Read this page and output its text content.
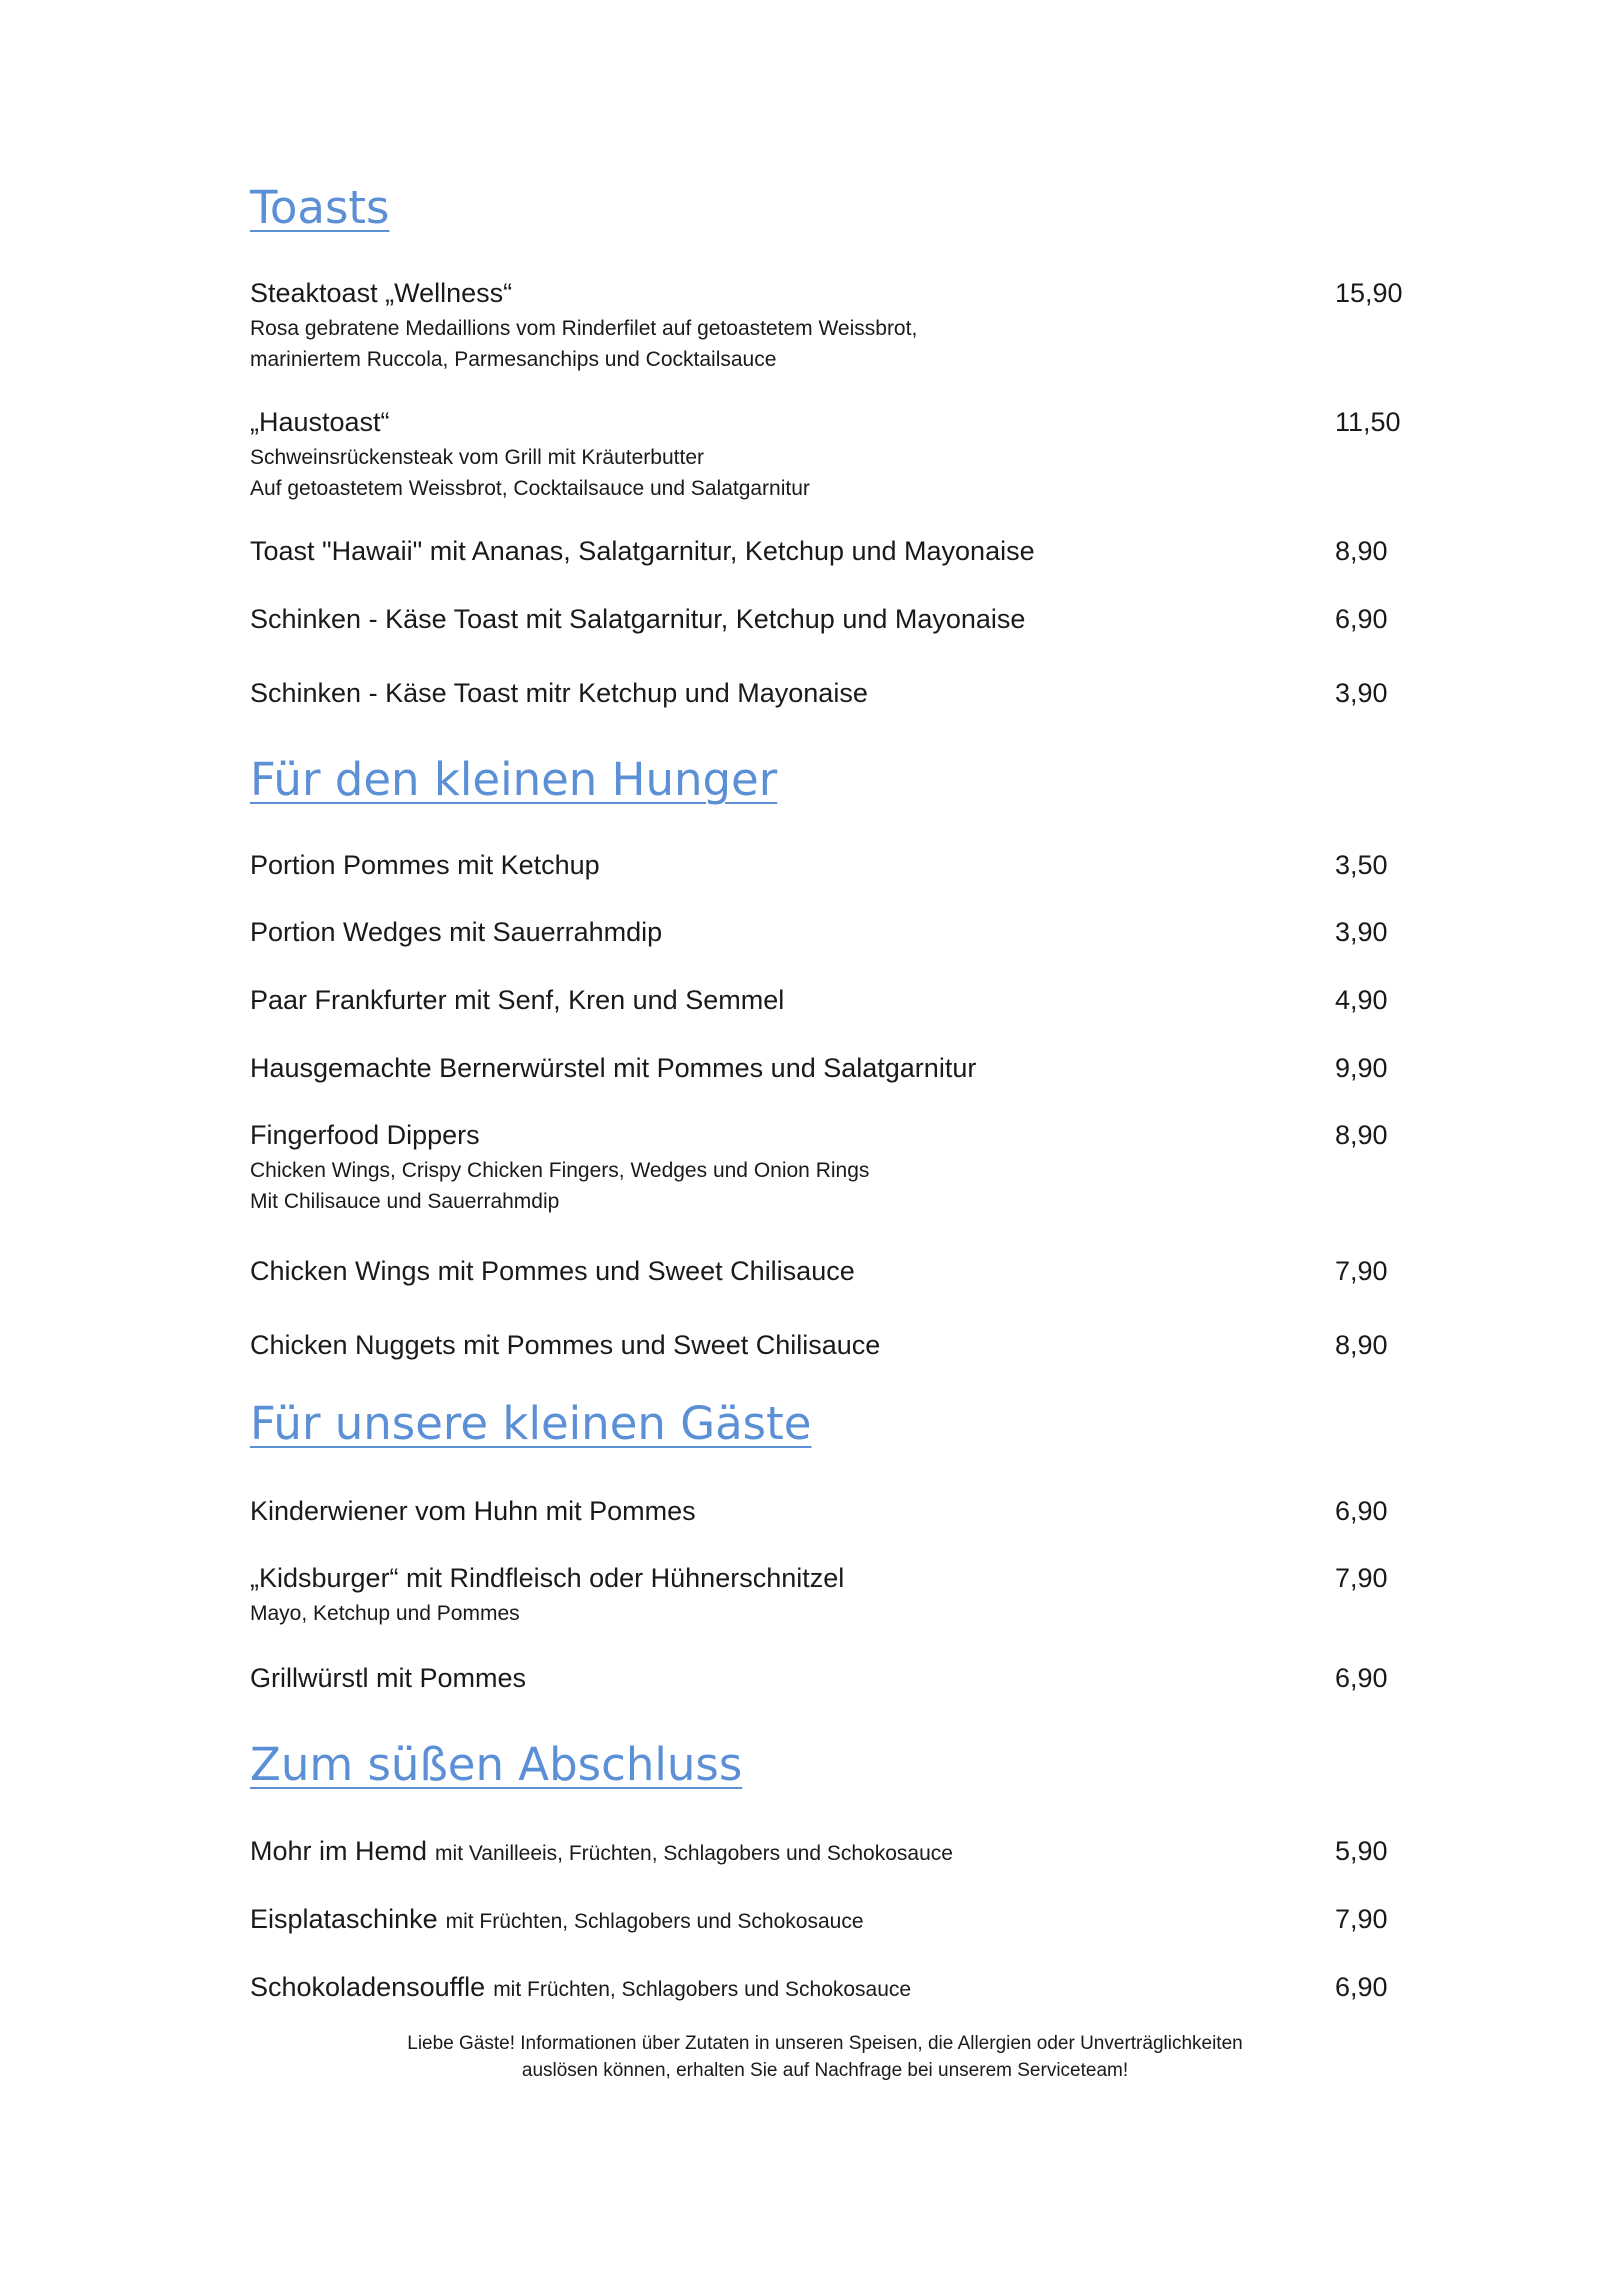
Toasts
Steaktoast „Wellness“	15,90
Rosa gebratene Medaillions vom Rinderfilet auf getoastetem Weissbrot,
mariniertem Ruccola, Parmesanchips und Cocktailsauce
„Haustoast“	11,50
Schweinsrückensteak vom Grill mit Kräuterbutter
Auf getoastetem Weissbrot, Cocktailsauce und Salatgarnitur
Toast "Hawaii" mit Ananas, Salatgarnitur, Ketchup und Mayonaise	8,90
Schinken - Käse Toast mit Salatgarnitur, Ketchup und Mayonaise	6,90
Schinken - Käse Toast mitr Ketchup und Mayonaise	3,90
Für den kleinen Hunger
Portion Pommes mit Ketchup	3,50
Portion Wedges mit Sauerrahmdip	3,90
Paar Frankfurter mit Senf, Kren und Semmel	4,90
Hausgemachte Bernerwürstel mit Pommes und Salatgarnitur	9,90
Fingerfood Dippers	8,90
Chicken Wings, Crispy Chicken Fingers, Wedges und Onion Rings
Mit Chilisauce und Sauerrahmdip
Chicken Wings mit Pommes und Sweet Chilisauce	7,90
Chicken Nuggets mit Pommes und Sweet Chilisauce	8,90
Für unsere kleinen Gäste
Kinderwiener vom Huhn mit Pommes	6,90
„Kidsburger“ mit Rindfleisch oder Hühnerschnitzel	7,90
Mayo, Ketchup und Pommes
Grillwürstl mit Pommes	6,90
Zum süßen Abschluss
Mohr im Hemd mit Vanilleeis, Früchten, Schlagobers und Schokosauce	5,90
Eisplataschinke mit Früchten, Schlagobers und Schokosauce	7,90
Schokoladensouffle mit Früchten, Schlagobers und Schokosauce	6,90
Liebe Gäste! Informationen über Zutaten in unseren Speisen, die Allergien oder Unverträglichkeiten
auslösen können, erhalten Sie auf Nachfrage bei unserem Serviceteam!
